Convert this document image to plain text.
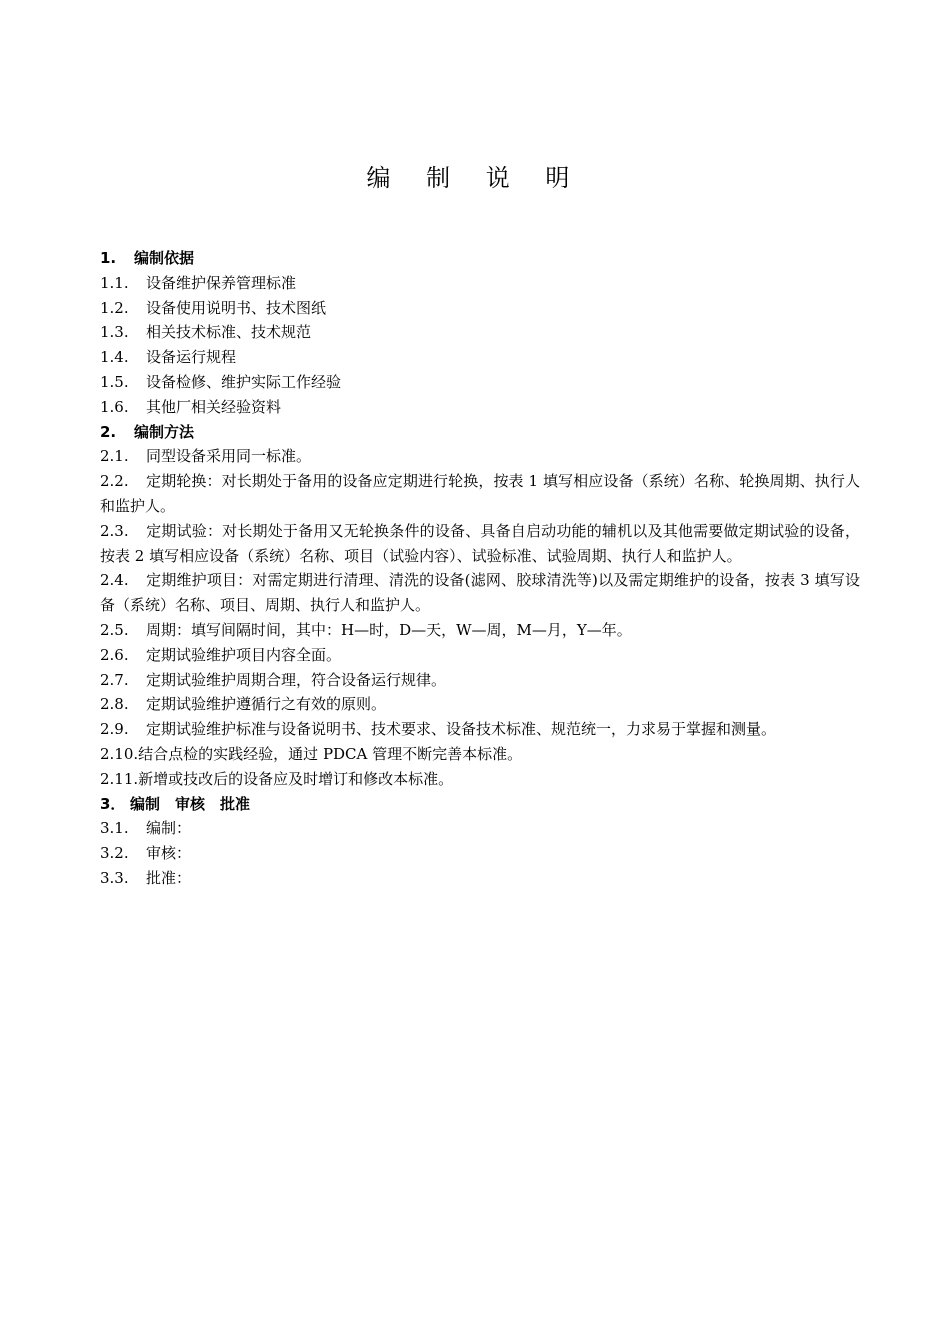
编 制 说 明
1. 编制依据
1.1. 设备维护保养管理标准
1.2. 设备使用说明书、技术图纸
1.3. 相关技术标准、技术规范
1.4. 设备运行规程
1.5. 设备检修、维护实际工作经验
1.6. 其他厂相关经验资料
2. 编制方法
2.1. 同型设备采用同一标准。
2.2. 定期轮换：对长期处于备用的设备应定期进行轮换，按表 1 填写相应设备（系统）名称、轮换周期、执行人和监护人。
2.3. 定期试验：对长期处于备用又无轮换条件的设备、具备自启动功能的辅机以及其他需要做定期试验的设备，按表 2 填写相应设备（系统）名称、项目（试验内容）、试验标准、试验周期、执行人和监护人。
2.4. 定期维护项目：对需定期进行清理、清洗的设备(滤网、胶球清洗等)以及需定期维护的设备，按表 3 填写设备（系统）名称、项目、周期、执行人和监护人。
2.5. 周期：填写间隔时间，其中：H—时，D—天，W—周，M—月，Y—年。
2.6. 定期试验维护项目内容全面。
2.7. 定期试验维护周期合理，符合设备运行规律。
2.8. 定期试验维护遵循行之有效的原则。
2.9. 定期试验维护标准与设备说明书、技术要求、设备技术标准、规范统一，力求易于掌握和测量。
2.10.结合点检的实践经验，通过 PDCA 管理不断完善本标准。
2.11.新增或技改后的设备应及时增订和修改本标准。
3． 编制　审核　批准
3.1. 编制：
3.2. 审核：
3.3. 批准：
